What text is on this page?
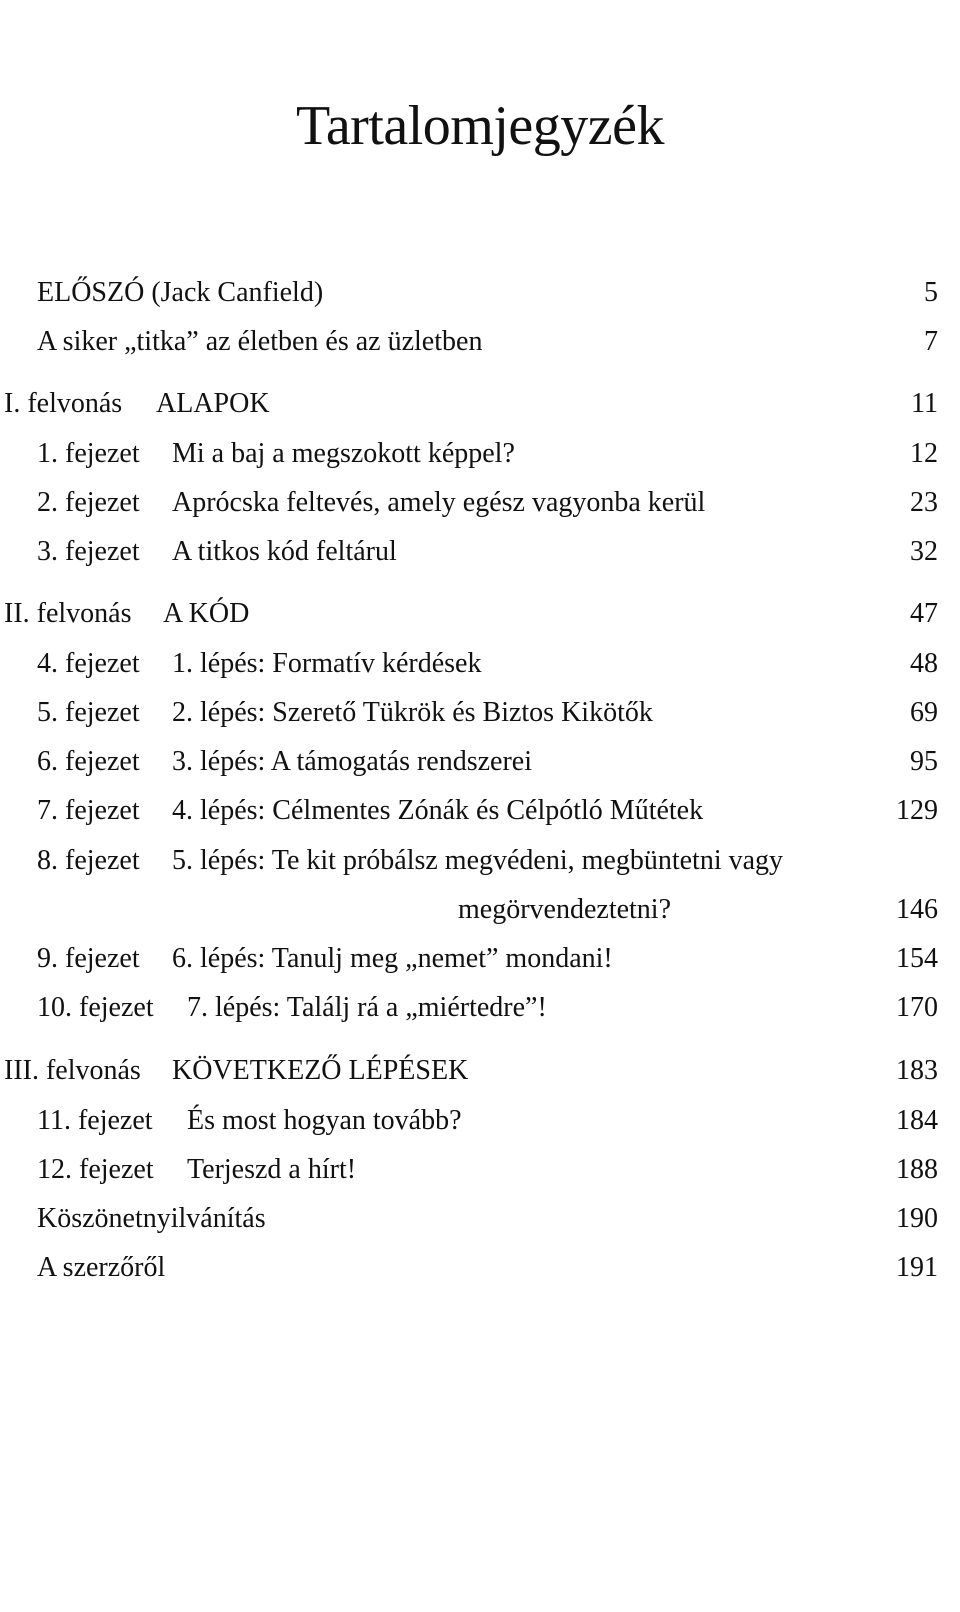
Tartalomjegyzék
ELŐSZÓ (Jack Canfield)	5
A siker „titka” az életben és az üzletben	7
I. felvonás ALAPOK	11
1. fejezet Mi a baj a megszokott képpel?	12
2. fejezet Aprócska feltevés, amely egész vagyonba kerül	23
3. fejezet A titkos kód feltárul	32
II. felvonás A KÓD	47
4. fejezet 1. lépés: Formatív kérdések	48
5. fejezet 2. lépés: Szerető Tükrök és Biztos Kikötők	69
6. fejezet 3. lépés: A támogatás rendszerei	95
7. fejezet 4. lépés: Célmentes Zónák és Célpótló Műtétek	129
8. fejezet 5. lépés: Te kit próbálsz megvédeni, megbüntetni vagy
megörvendeztetni?	146
9. fejezet 6. lépés: Tanulj meg „nemet” mondani!	154
10. fejezet 7. lépés: Találj rá a „miértedre”!	170
III. felvonás KÖVETKEZŐ LÉPÉSEK	183
11. fejezet És most hogyan tovább?	184
12. fejezet Terjeszd a hírt!	188
Köszönetnyilvánítás	190
A szerzőről	191
